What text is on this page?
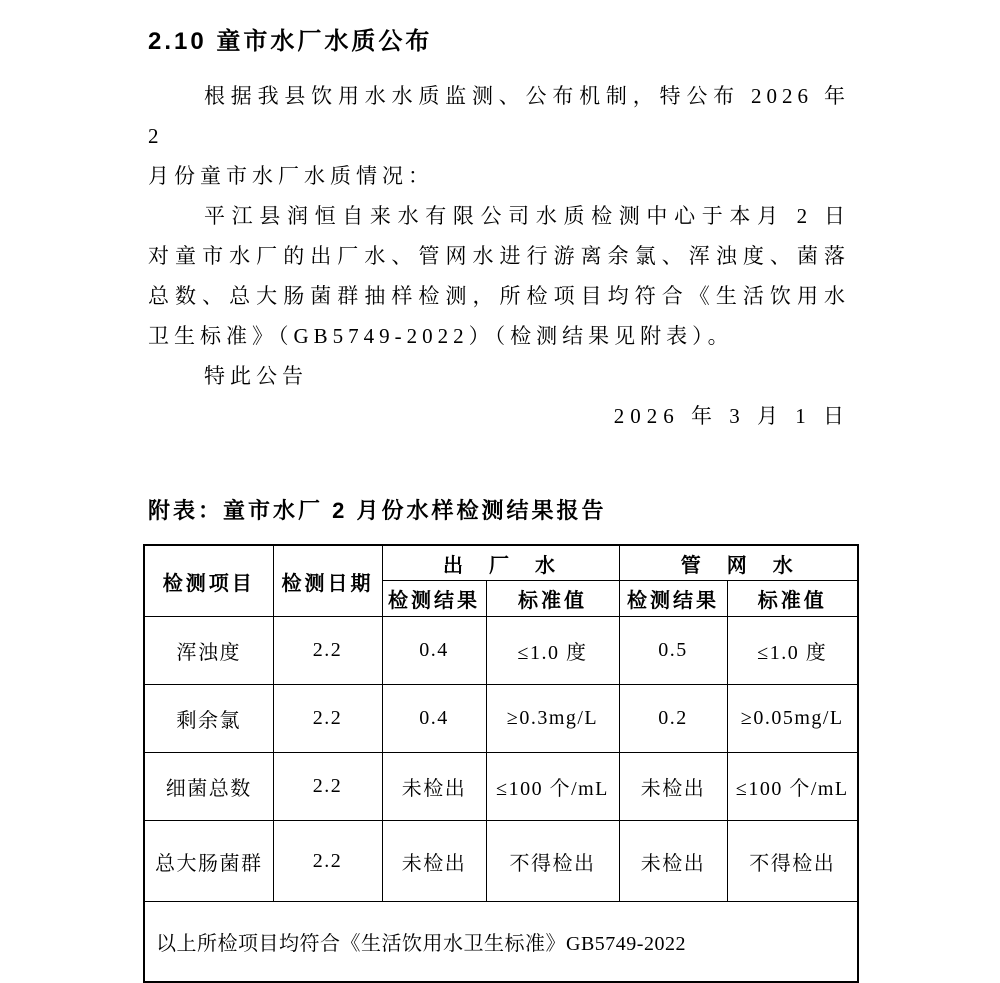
2.10 童市水厂水质公布
根据我县饮用水水质监测、公布机制，特公布 2026 年 2
月份童市水厂水质情况：
平江县润恒自来水有限公司水质检测中心于本月 2 日
对童市水厂的出厂水、管网水进行游离余氯、浑浊度、菌落
总数、总大肠菌群抽样检测，所检项目均符合《生活饮用水
卫生标准》（GB5749-2022）（检测结果见附表）。
特此公告
2026 年 3 月 1 日
附表：童市水厂 2 月份水样检测结果报告
检测项目	检测日期	出　厂　水		管　网　水	
		检测结果	标准值	检测结果	标准值
浑浊度	2.2	0.4	≤1.0 度	0.5	≤1.0 度
剩余氯	2.2	0.4	≥0.3mg/L	0.2	≥0.05mg/L
细菌总数	2.2	未检出	≤100 个/mL	未检出	≤100 个/mL
总大肠菌群	2.2	未检出	不得检出	未检出	不得检出
以上所检项目均符合《生活饮用水卫生标准》GB5749-2022					
